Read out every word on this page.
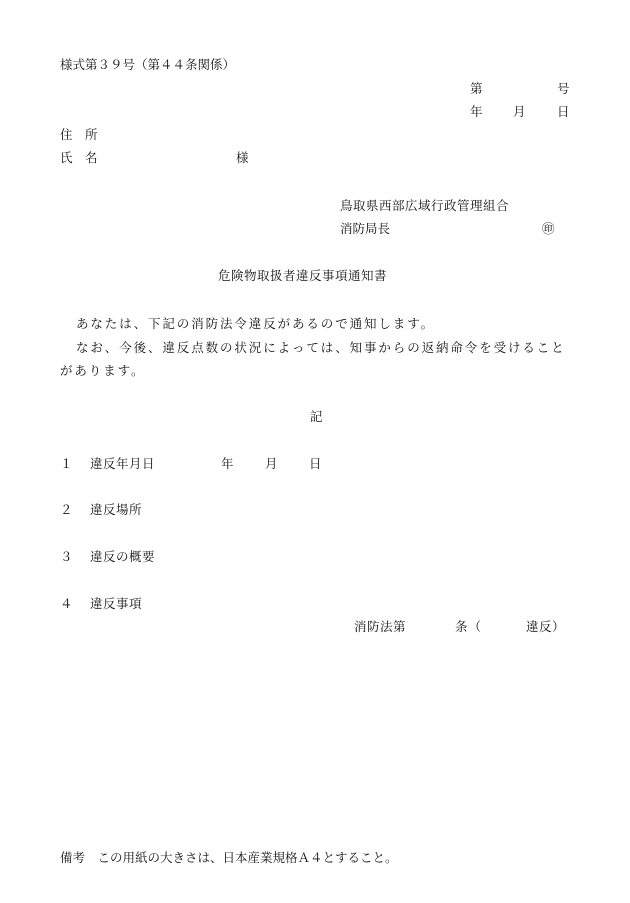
様式第３９号（第４４条関係）
第	号
年 月	日
住　所
氏　名	様
鳥取県西部広域行政管理組合
消防局長	㊞
危険物取扱者違反事項通知書
あなたは、下記の消防法令違反があるので通知します。
なお、今後、違反点数の状況によっては、知事からの返納命令を受けること
があります。
記
１ 違反年月日	年	月	日
２ 違反場所
３ 違反の概要
４ 違反事項
消防法第	条（	違反）
備考　この用紙の大きさは、日本産業規格Ａ４とすること。
